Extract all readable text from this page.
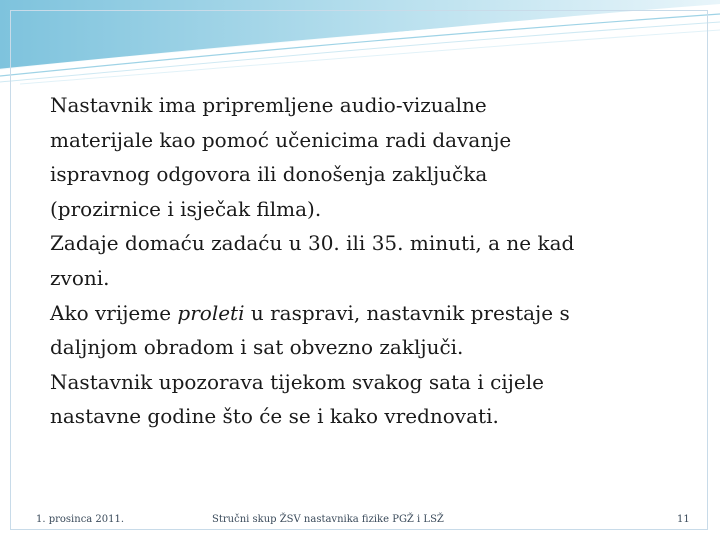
Nastavnik ima pripremljene audio-vizualne
materijale kao pomoć učenicima radi davanje
ispravnog odgovora ili donošenja zaključka
(prozirnice i isječak filma).
Zadaje domaću zadaću u 30. ili 35. minuti, a ne kad
zvoni.
Ako vrijeme proleti u raspravi, nastavnik prestaje s
daljnjom obradom i sat obvezno zaključi.
Nastavnik upozorava tijekom svakog sata i cijele
nastavne godine što će se i kako vrednovati.
1. prosinca 2011.	Stručni skup ŽSV nastavnika fizike PGŽ i LSŽ	11
